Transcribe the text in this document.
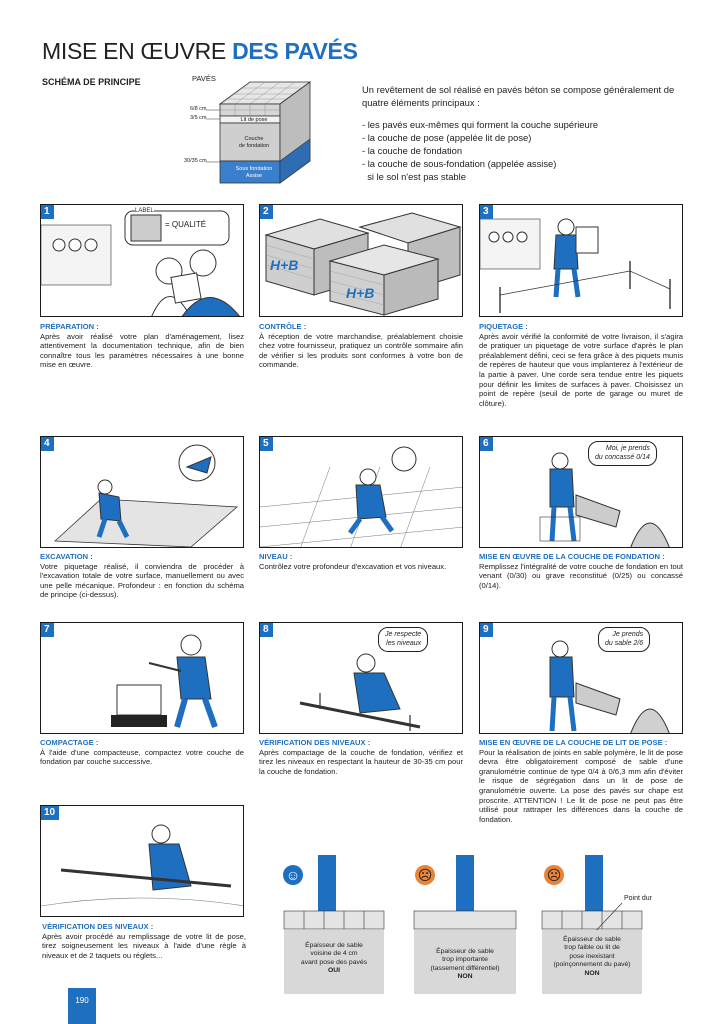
MISE EN ŒUVRE DES PAVÉS
SCHÉMA DE PRINCIPE	PAVÉS
6/8 cm
3/5 cm
30/35 cm
Lit de pose
Couche
de fondation
Sous fondation
Assise
Un revêtement de sol réalisé en pavés béton se compose généralement de quatre éléments principaux :
- les pavés eux-mêmes qui forment la couche supérieure
- la couche de pose (appelée lit de pose)
- la couche de fondation
- la couche de sous-fondation (appelée assise)
si le sol n'est pas stable
1	LABEL
= QUALITÉ
PRÉPARATION :
Après avoir réalisé votre plan d'aménagement, lisez attentivement la documentation technique, afin de bien connaître tous les paramètres nécessaires à une bonne mise en œuvre.
2
H+B
H+B
CONTRÔLE :
À réception de votre marchandise, préalablement choisie chez votre fournisseur, pratiquez un contrôle sommaire afin de vérifier si les produits sont conformes à votre bon de commande.
3
PIQUETAGE :
Après avoir vérifié la conformité de votre livraison, il s'agira de pratiquer un piquetage de votre surface d'après le plan préalablement défini, ceci se fera grâce à des piquets munis de repères de hauteur que vous implanterez à l'extérieur de la partie à paver. Une corde sera tendue entre les piquets pour définir les limites de surfaces à paver. Choisissez un point de repère (seuil de porte de garage ou muret de clôture).
4
EXCAVATION :
Votre piquetage réalisé, il conviendra de procéder à l'excavation totale de votre surface, manuellement ou avec une pelle mécanique. Profondeur : en fonction du schéma de principe (ci-dessus).
5
NIVEAU :
Contrôlez votre profondeur d'excavation et vos niveaux.
6	Moi, je prends
du concassé 0/14
MISE EN ŒUVRE DE LA COUCHE DE FONDATION :
Remplissez l'intégralité de votre couche de fondation en tout venant (0/30) ou grave reconstitué (0/25) ou concassé (0/14).
7
COMPACTAGE :
À l'aide d'une compacteuse, compactez votre couche de fondation par couche successive.
8	Je respecte
les niveaux
VÉRIFICATION DES NIVEAUX :
Après compactage de la couche de fondation, vérifiez et tirez les niveaux en respectant la hauteur de 30-35 cm pour la couche de fondation.
9	Je prends
du sable 2/6
MISE EN ŒUVRE DE LA COUCHE DE LIT DE POSE :
Pour la réalisation de joints en sable polymère, le lit de pose devra être obligatoirement composé de sable d'une granulométrie continue de type 0/4 à 0/6,3 mm afin d'éviter le risque de ségrégation dans un lit de pose de granulométrie ouverte. La pose des pavés sur chape est proscrite. ATTENTION ! Le lit de pose ne peut pas être utilisé pour rattraper les différences dans la couche de fondation.
10
VÉRIFICATION DES NIVEAUX :
Après avoir procédé au remplissage de votre lit de pose, tirez soigneusement les niveaux à l'aide d'une règle à niveaux et de 2 taquets ou réglets...
☺	☹	☹
Point dur
Épaisseur de sable
voisine de 4 cm
avant pose des pavés
OUI
Épaisseur de sable
trop importante
(tassement différentiel)
NON
Épaisseur de sable
trop faible ou lit de
pose inexistant
(poinçonnement du pavé)
NON
190
